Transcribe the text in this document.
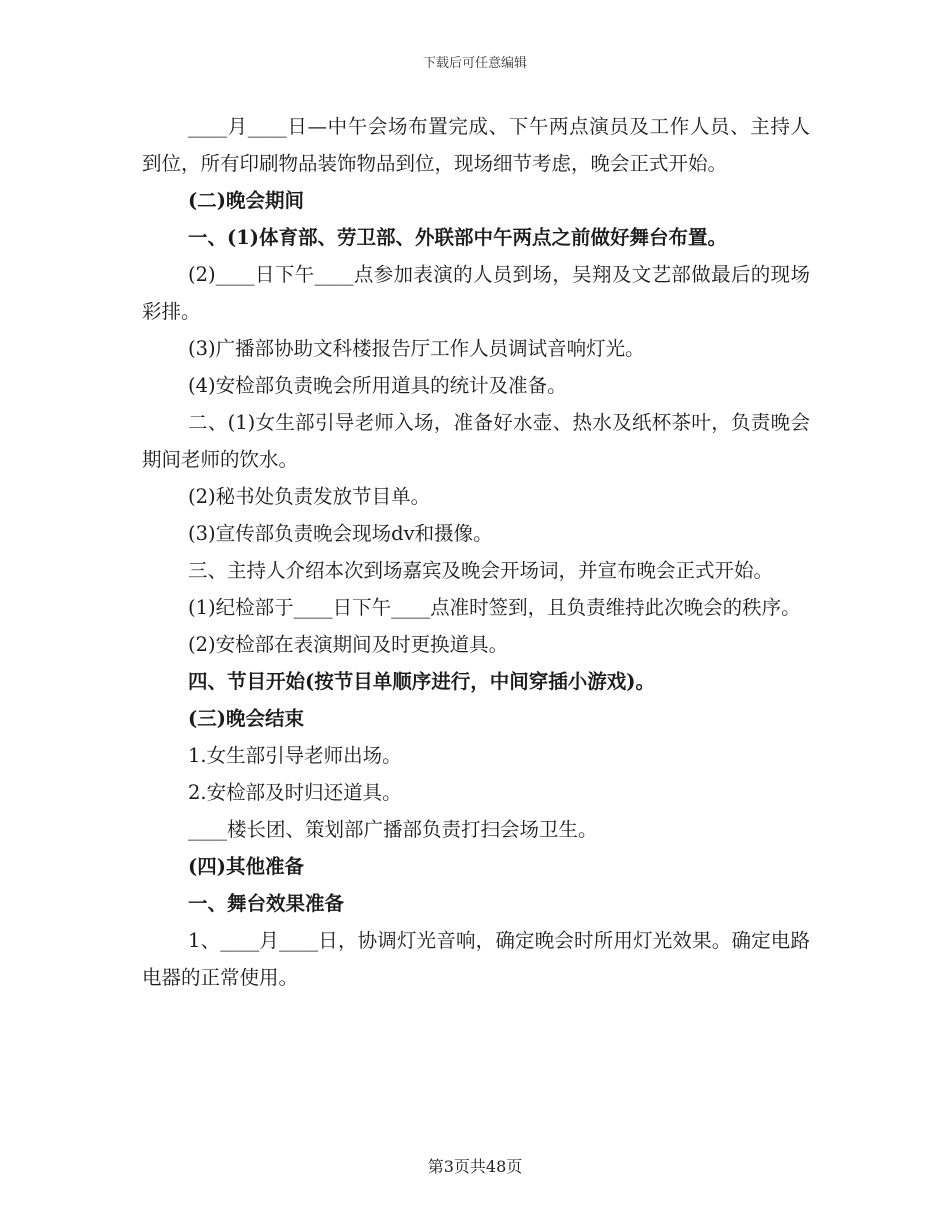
下载后可任意编辑

____月____日—中午会场布置完成、下午两点演员及工作人员、主持人到位，所有印刷物品装饰物品到位，现场细节考虑，晚会正式开始。

(二)晚会期间

一、(1)体育部、劳卫部、外联部中午两点之前做好舞台布置。

(2)____日下午____点参加表演的人员到场，吴翔及文艺部做最后的现场彩排。

(3)广播部协助文科楼报告厅工作人员调试音响灯光。

(4)安检部负责晚会所用道具的统计及准备。

二、(1)女生部引导老师入场，准备好水壶、热水及纸杯茶叶，负责晚会期间老师的饮水。

(2)秘书处负责发放节目单。

(3)宣传部负责晚会现场dv和摄像。

三、主持人介绍本次到场嘉宾及晚会开场词，并宣布晚会正式开始。

(1)纪检部于____日下午____点准时签到，且负责维持此次晚会的秩序。

(2)安检部在表演期间及时更换道具。

四、节目开始(按节目单顺序进行，中间穿插小游戏)。

(三)晚会结束

1.女生部引导老师出场。

2.安检部及时归还道具。

____楼长团、策划部广播部负责打扫会场卫生。

(四)其他准备

一、舞台效果准备

1、____月____日，协调灯光音响，确定晚会时所用灯光效果。确定电路电器的正常使用。

第3页共48页
